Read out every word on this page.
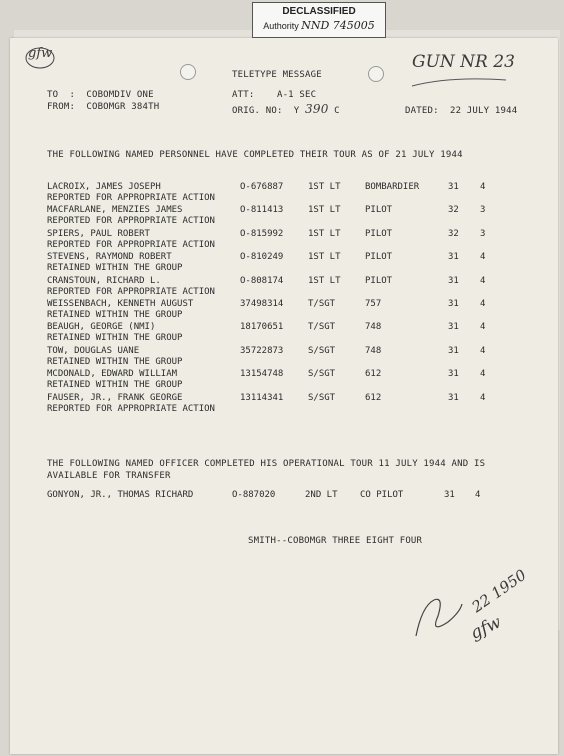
DECLASSIFIED
Authority NND 745005
gfw	GUN NR 23
TELETYPE MESSAGE
TO  :  COBOMDIV ONE
FROM:  COBOMGR 384TH
ATT:    A-1 SEC
ORIG. NO:  Y 390 C	DATED:  22 JULY 1944
THE FOLLOWING NAMED PERSONNEL HAVE COMPLETED THEIR TOUR AS OF 21 JULY 1944
LACROIX, JAMES JOSEPH	O-676887	1ST LT	BOMBARDIER	31 4
REPORTED FOR APPROPRIATE ACTION
MACFARLANE, MENZIES JAMES	O-811413	1ST LT	PILOT	32 3
REPORTED FOR APPROPRIATE ACTION
SPIERS, PAUL ROBERT	O-815992	1ST LT	PILOT	32 3
REPORTED FOR APPROPRIATE ACTION
STEVENS, RAYMOND ROBERT	O-810249	1ST LT	PILOT	31 4
RETAINED WITHIN THE GROUP
CRANSTOUN, RICHARD L.	O-808174	1ST LT	PILOT	31 4
REPORTED FOR APPROPRIATE ACTION
WEISSENBACH, KENNETH AUGUST	37498314	T/SGT	757	31 4
RETAINED WITHIN THE GROUP
BEAUGH, GEORGE (NMI)	18170651	T/SGT	748	31 4
RETAINED WITHIN THE GROUP
TOW, DOUGLAS UANE	35722873	S/SGT	748	31 4
RETAINED WITHIN THE GROUP
MCDONALD, EDWARD WILLIAM	13154748	S/SGT	612	31 4
RETAINED WITHIN THE GROUP
FAUSER, JR., FRANK GEORGE	13114341	S/SGT	612	31 4
REPORTED FOR APPROPRIATE ACTION
THE FOLLOWING NAMED OFFICER COMPLETED HIS OPERATIONAL TOUR 11 JULY 1944 AND IS
AVAILABLE FOR TRANSFER
GONYON, JR., THOMAS RICHARD	O-887020	2ND LT CO PILOT	31 4
SMITH--COBOMGR THREE EIGHT FOUR
22 1950
gfw
